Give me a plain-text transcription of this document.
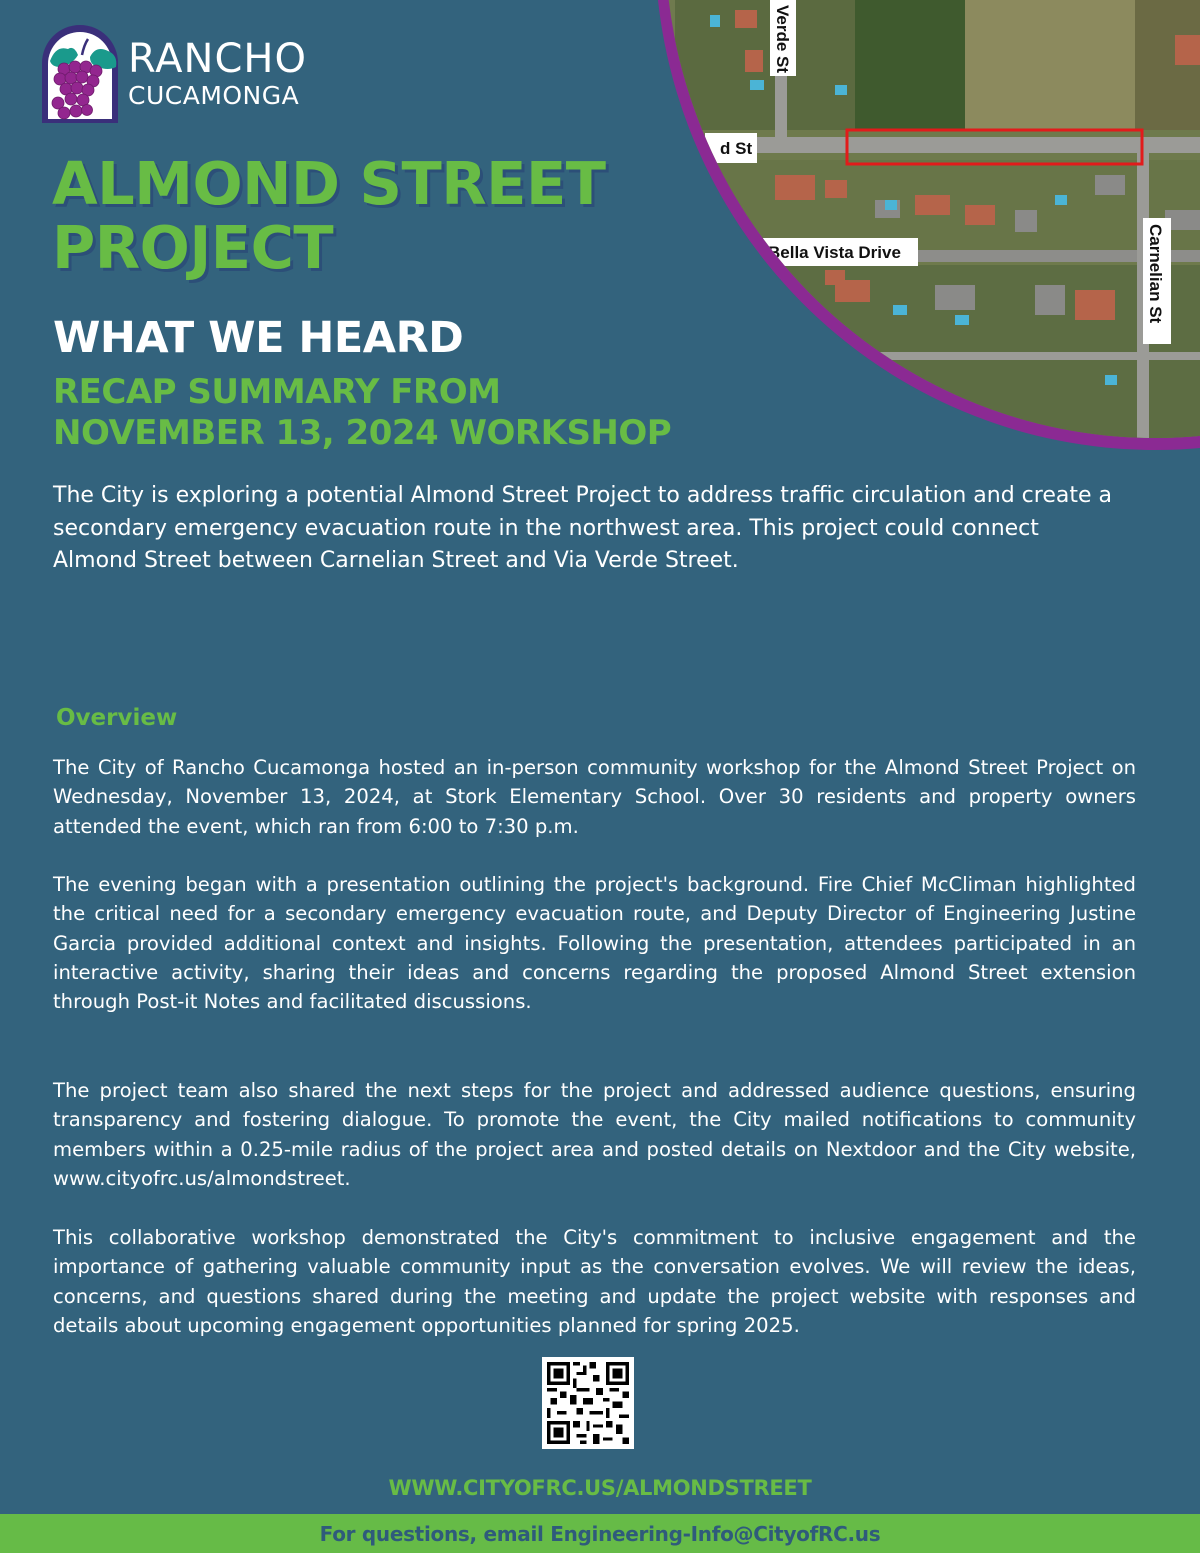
RANCHO
CUCAMONGA
Verde St
d St
Bella Vista Drive	Carnelian St
ALMOND STREET
PROJECT
WHAT WE HEARD
RECAP SUMMARY FROM
NOVEMBER 13, 2024 WORKSHOP

The City is exploring a potential Almond Street Project to address traffic circulation and create a secondary emergency evacuation route in the northwest area. This project could connect Almond Street between Carnelian Street and Via Verde Street.

Overview

The City of Rancho Cucamonga hosted an in-person community workshop for the Almond Street Project on Wednesday, November 13, 2024, at Stork Elementary School. Over 30 residents and property owners attended the event, which ran from 6:00 to 7:30 p.m.

The evening began with a presentation outlining the project's background. Fire Chief McCliman highlighted the critical need for a secondary emergency evacuation route, and Deputy Director of Engineering Justine Garcia provided additional context and insights. Following the presentation, attendees participated in an interactive activity, sharing their ideas and concerns regarding the proposed Almond Street extension through Post-it Notes and facilitated discussions.

The project team also shared the next steps for the project and addressed audience questions, ensuring transparency and fostering dialogue. To promote the event, the City mailed notifications to community members within a 0.25-mile radius of the project area and posted details on Nextdoor and the City website, www.cityofrc.us/almondstreet.

This collaborative workshop demonstrated the City's commitment to inclusive engagement and the importance of gathering valuable community input as the conversation evolves. We will review the ideas, concerns, and questions shared during the meeting and update the project website with responses and details about upcoming engagement opportunities planned for spring 2025.

WWW.CITYOFRC.US/ALMONDSTREET
For questions, email Engineering-Info@CityofRC.us
